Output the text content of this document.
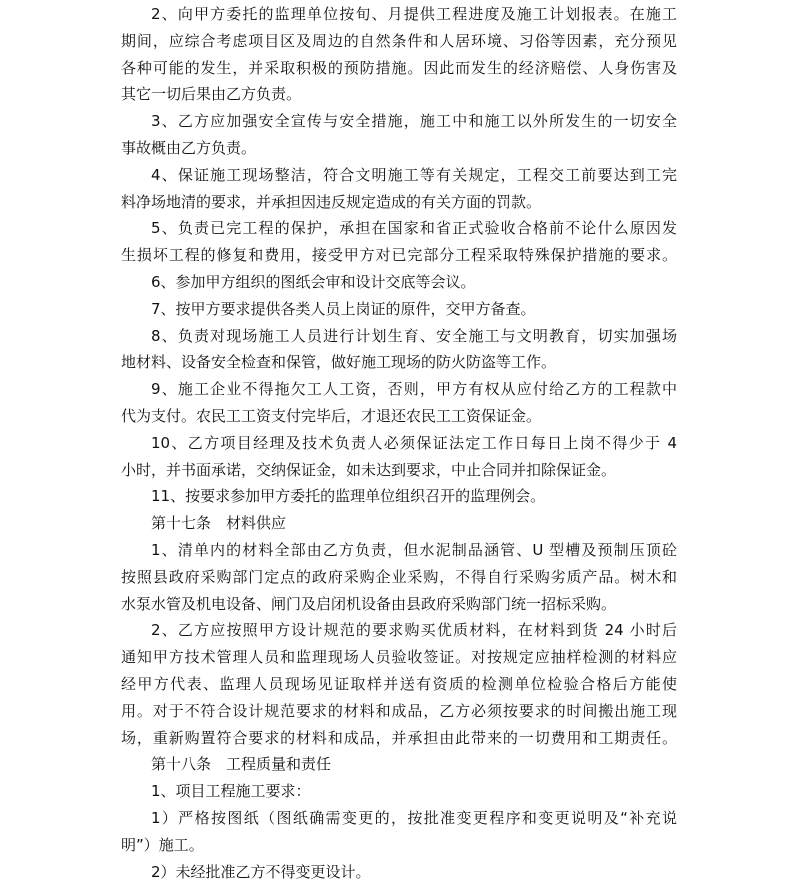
2、向甲方委托的监理单位按旬、月提供工程进度及施工计划报表。在施工
期间，应综合考虑项目区及周边的自然条件和人居环境、习俗等因素，充分预见
各种可能的发生，并采取积极的预防措施。因此而发生的经济赔偿、人身伤害及
其它一切后果由乙方负责。
3、乙方应加强安全宣传与安全措施，施工中和施工以外所发生的一切安全
事故概由乙方负责。
4、保证施工现场整洁，符合文明施工等有关规定，工程交工前要达到工完
料净场地清的要求，并承担因违反规定造成的有关方面的罚款。
5、负责已完工程的保护，承担在国家和省正式验收合格前不论什么原因发
生损坏工程的修复和费用，接受甲方对已完部分工程采取特殊保护措施的要求。
6、参加甲方组织的图纸会审和设计交底等会议。
7、按甲方要求提供各类人员上岗证的原件，交甲方备查。
8、负责对现场施工人员进行计划生育、安全施工与文明教育，切实加强场
地材料、设备安全检查和保管，做好施工现场的防火防盗等工作。
9、施工企业不得拖欠工人工资，否则，甲方有权从应付给乙方的工程款中
代为支付。农民工工资支付完毕后，才退还农民工工资保证金。
10、乙方项目经理及技术负责人必须保证法定工作日每日上岗不得少于 4
小时，并书面承诺，交纳保证金，如未达到要求，中止合同并扣除保证金。
11、按要求参加甲方委托的监理单位组织召开的监理例会。
第十七条　材料供应
1、清单内的材料全部由乙方负责，但水泥制品涵管、U 型槽及预制压顶砼
按照县政府采购部门定点的政府采购企业采购，不得自行采购劣质产品。树木和
水泵水管及机电设备、闸门及启闭机设备由县政府采购部门统一招标采购。
2、乙方应按照甲方设计规范的要求购买优质材料，在材料到货 24 小时后
通知甲方技术管理人员和监理现场人员验收签证。对按规定应抽样检测的材料应
经甲方代表、监理人员现场见证取样并送有资质的检测单位检验合格后方能使
用。对于不符合设计规范要求的材料和成品，乙方必须按要求的时间搬出施工现
场，重新购置符合要求的材料和成品，并承担由此带来的一切费用和工期责任。
第十八条　工程质量和责任
1、项目工程施工要求：
1）严格按图纸（图纸确需变更的，按批准变更程序和变更说明及“补充说
明”）施工。
2）未经批准乙方不得变更设计。
